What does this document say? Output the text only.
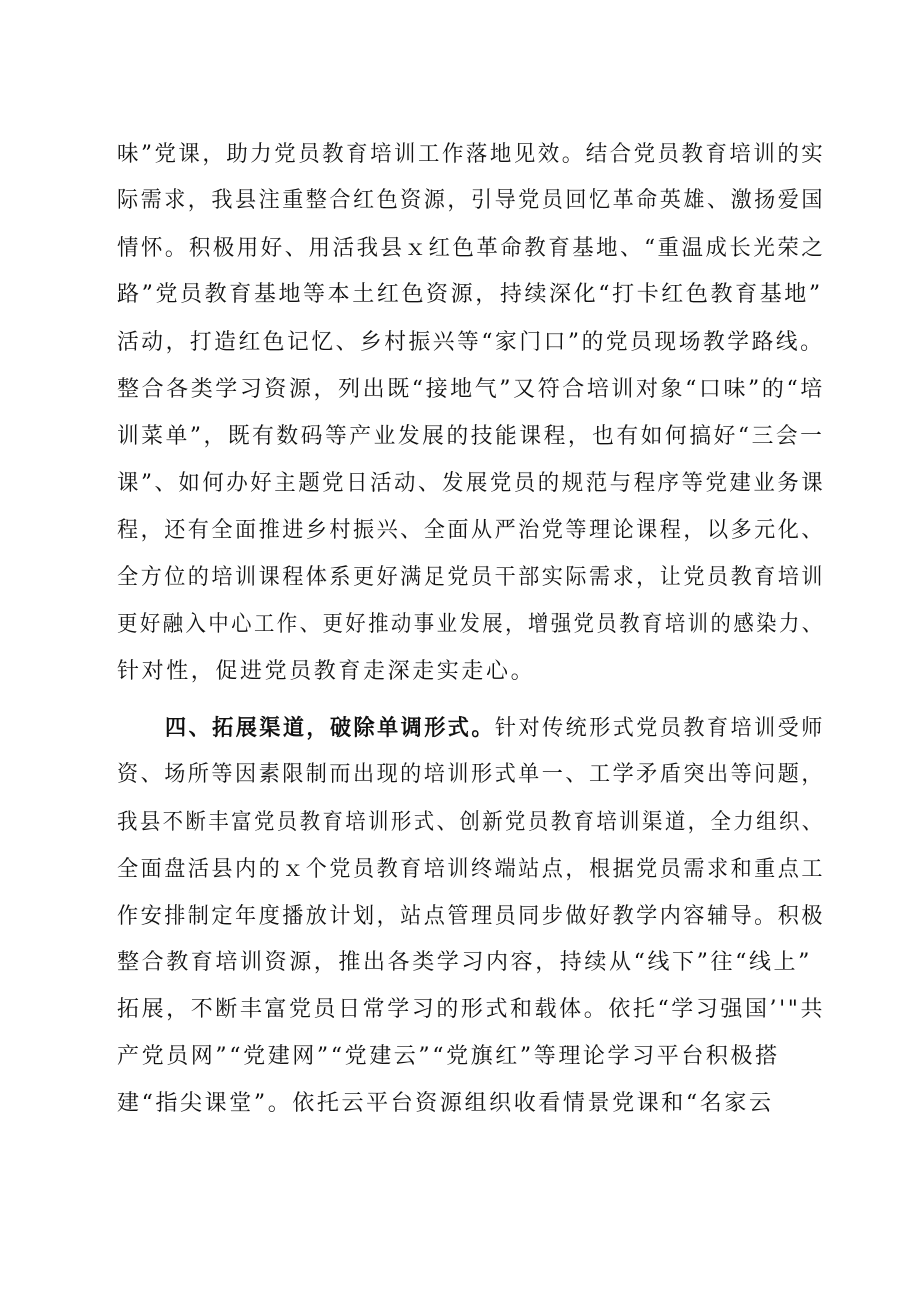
味”党课，助力党员教育培训工作落地见效。结合党员教育培训的实
际需求，我县注重整合红色资源，引导党员回忆革命英雄、激扬爱国
情怀。积极用好、用活我县ｘ红色革命教育基地、“重温成长光荣之
路”党员教育基地等本土红色资源，持续深化“打卡红色教育基地”
活动，打造红色记忆、乡村振兴等“家门口”的党员现场教学路线。
整合各类学习资源，列出既“接地气”又符合培训对象“口味”的“培
训菜单”，既有数码等产业发展的技能课程，也有如何搞好“三会一
课”、如何办好主题党日活动、发展党员的规范与程序等党建业务课
程，还有全面推进乡村振兴、全面从严治党等理论课程，以多元化、
全方位的培训课程体系更好满足党员干部实际需求，让党员教育培训
更好融入中心工作、更好推动事业发展，增强党员教育培训的感染力、
针对性，促进党员教育走深走实走心。
四、拓展渠道，破除单调形式。针对传统形式党员教育培训受师
资、场所等因素限制而出现的培训形式单一、工学矛盾突出等问题，
我县不断丰富党员教育培训形式、创新党员教育培训渠道，全力组织、
全面盘活县内的ｘ个党员教育培训终端站点，根据党员需求和重点工
作安排制定年度播放计划，站点管理员同步做好教学内容辅导。积极
整合教育培训资源，推出各类学习内容，持续从“线下”往“线上”
拓展，不断丰富党员日常学习的形式和载体。依托“学习强国’'"共
产党员网”“党建网”“党建云”“党旗红”等理论学习平台积极搭
建“指尖课堂”。依托云平台资源组织收看情景党课和“名家云
